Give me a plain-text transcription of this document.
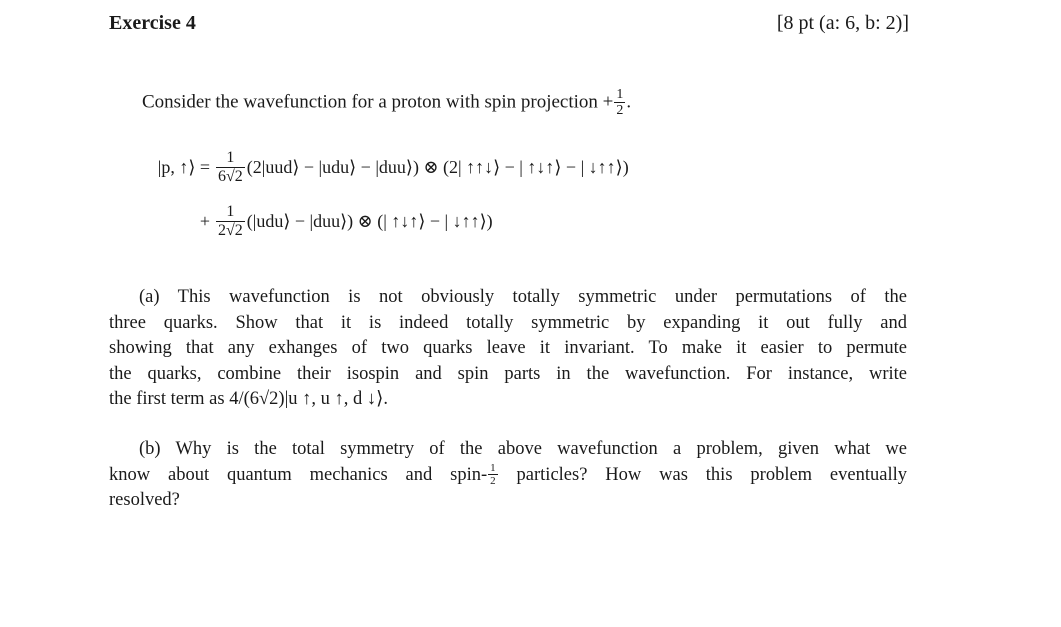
Exercise 4	[8 pt (a: 6, b: 2)]
Consider the wavefunction for a proton with spin projection + $\frac{1}{2}$ .
|p, ↑⟩ = $\frac{1}{6√2}$ (2|uud⟩ − |udu⟩ − |duu⟩) ⊗ (2| ↑↑↓⟩ − | ↑↓↑⟩ − | ↓↑↑⟩)
+ $\frac{1}{2√2}$ (|udu⟩ − |duu⟩) ⊗ (| ↑↓↑⟩ − | ↓↑↑⟩)
(a) This wavefunction is not obviously totally symmetric under permutations of the
three quarks. Show that it is indeed totally symmetric by expanding it out fully and
showing that any exhanges of two quarks leave it invariant. To make it easier to permute
the quarks, combine their isospin and spin parts in the wavefunction. For instance, write
the first term as 4/(6√2)|u ↑, u ↑, d ↓⟩.
(b) Why is the total symmetry of the above wavefunction a problem, given what we
know about quantum mechanics and spin- $\frac{1}{2}$ particles? How was this problem eventually
resolved?
